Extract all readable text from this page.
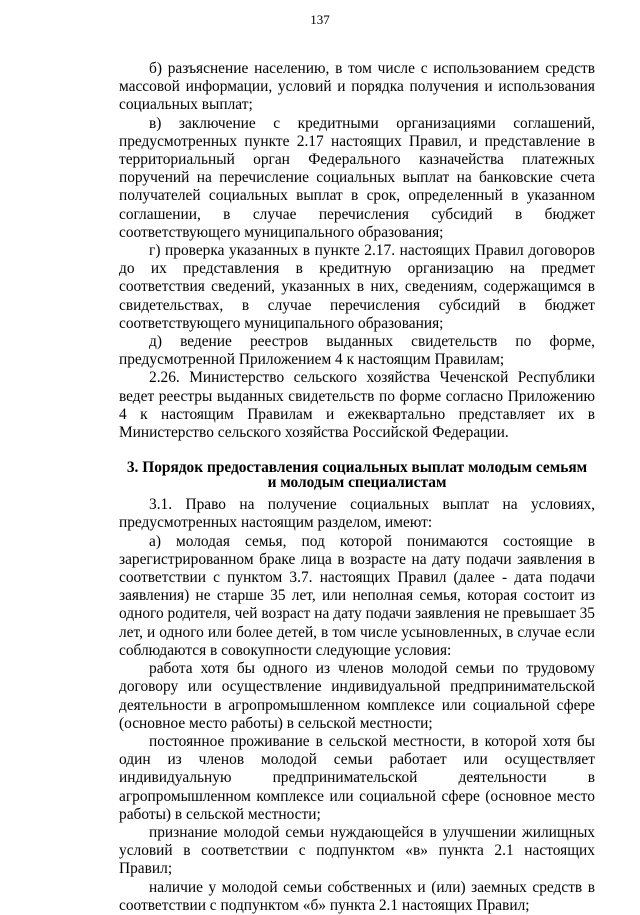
137

б) разъяснение населению, в том числе с использованием средств массовой информации, условий и порядка получения и использования социальных выплат;

в) заключение с кредитными организациями соглашений, предусмотренных пункте 2.17 настоящих Правил, и представление в территориальный орган Федерального казначейства платежных поручений на перечисление социальных выплат на банковские счета получателей социальных выплат в срок, определенный в указанном соглашении, в случае перечисления субсидий в бюджет соответствующего муниципального образования;

г) проверка указанных в пункте 2.17. настоящих Правил договоров до их представления в кредитную организацию на предмет соответствия сведений, указанных в них, сведениям, содержащимся в свидетельствах, в случае перечисления субсидий в бюджет соответствующего муниципального образования;

д) ведение реестров выданных свидетельств по форме, предусмотренной Приложением 4 к настоящим Правилам;

2.26. Министерство сельского хозяйства Чеченской Республики ведет реестры выданных свидетельств по форме согласно Приложению 4 к настоящим Правилам и ежеквартально представляет их в Министерство сельского хозяйства Российской Федерации.

3. Порядок предоставления социальных выплат молодым семьям
и молодым специалистам

3.1. Право на получение социальных выплат на условиях, предусмотренных настоящим разделом, имеют:

а) молодая семья, под которой понимаются состоящие в зарегистрированном браке лица в возрасте на дату подачи заявления в соответствии с пунктом 3.7. настоящих Правил (далее - дата подачи заявления) не старше 35 лет, или неполная семья, которая состоит из одного родителя, чей возраст на дату подачи заявления не превышает 35 лет, и одного или более детей, в том числе усыновленных, в случае если соблюдаются в совокупности следующие условия:

работа хотя бы одного из членов молодой семьи по трудовому договору или осуществление индивидуальной предпринимательской деятельности в агропромышленном комплексе или социальной сфере (основное место работы) в сельской местности;

постоянное проживание в сельской местности, в которой хотя бы один из членов молодой семьи работает или осуществляет индивидуальную предпринимательской деятельности в агропромышленном комплексе или социальной сфере (основное место работы) в сельской местности;

признание молодой семьи нуждающейся в улучшении жилищных условий в соответствии с подпунктом «в» пункта 2.1 настоящих Правил;

наличие у молодой семьи собственных и (или) заемных средств в соответствии с подпунктом «б» пункта 2.1 настоящих Правил;
